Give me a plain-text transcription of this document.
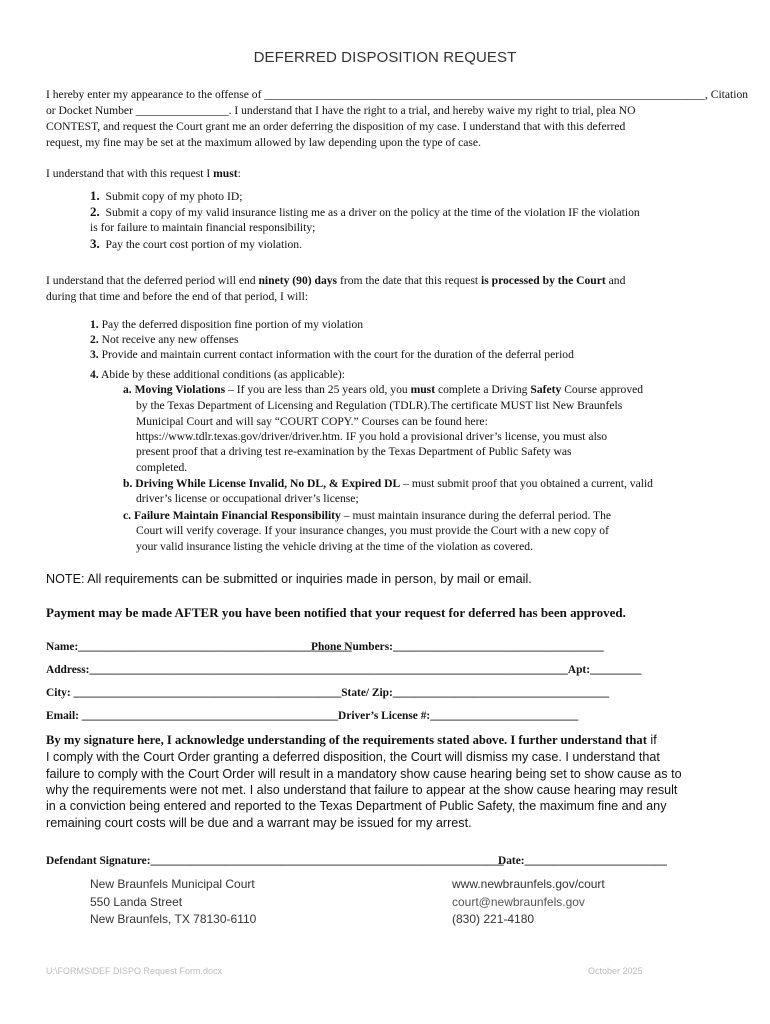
DEFERRED DISPOSITION REQUEST
I hereby enter my appearance to the offense of ____________________________________________________________________________, Citation
or Docket Number ________________. I understand that I have the right to a trial, and hereby waive my right to trial, plea NO
CONTEST, and request the Court grant me an order deferring the disposition of my case. I understand that with this deferred
request, my fine may be set at the maximum allowed by law depending upon the type of case.
I understand that with this request I must:
1. Submit copy of my photo ID;
2. Submit a copy of my valid insurance listing me as a driver on the policy at the time of the violation IF the violation
is for failure to maintain financial responsibility;
3. Pay the court cost portion of my violation.
I understand that the deferred period will end ninety (90) days from the date that this request is processed by the Court and
during that time and before the end of that period, I will:
1. Pay the deferred disposition fine portion of my violation
2. Not receive any new offenses
3. Provide and maintain current contact information with the court for the duration of the deferral period
4. Abide by these additional conditions (as applicable):
a. Moving Violations – If you are less than 25 years old, you must complete a Driving Safety Course approved
by the Texas Department of Licensing and Regulation (TDLR).The certificate MUST list New Braunfels
Municipal Court and will say “COURT COPY.” Courses can be found here:
https://www.tdlr.texas.gov/driver/driver.htm. IF you hold a provisional driver’s license, you must also
present proof that a driving test re-examination by the Texas Department of Public Safety was
completed.
b. Driving While License Invalid, No DL, & Expired DL – must submit proof that you obtained a current, valid
driver’s license or occupational driver’s license;
c. Failure Maintain Financial Responsibility – must maintain insurance during the deferral period. The
Court will verify coverage. If your insurance changes, you must provide the Court with a new copy of
your valid insurance listing the vehicle driving at the time of the violation as covered.
NOTE: All requirements can be submitted or inquiries made in person, by mail or email.
Payment may be made AFTER you have been notified that your request for deferred has been approved.
Name:________________________________________________
Phone Numbers:_____________________________________
Address:____________________________________________________________________________________Apt:_________
City: _______________________________________________State/ Zip:______________________________________
Email: _____________________________________________Driver’s License #:__________________________
By my signature here, I acknowledge understanding of the requirements stated above. I further understand that if
I comply with the Court Order granting a deferred disposition, the Court will dismiss my case. I understand that
failure to comply with the Court Order will result in a mandatory show cause hearing being set to show cause as to
why the requirements were not met. I also understand that failure to appear at the show cause hearing may result
in a conviction being entered and reported to the Texas Department of Public Safety, the maximum fine and any
remaining court costs will be due and a warrant may be issued for my arrest.
Defendant Signature:______________________________________________________________
Date:_________________________
New Braunfels Municipal Court
550 Landa Street
New Braunfels, TX 78130-6110
www.newbraunfels.gov/court
court@newbraunfels.gov
(830) 221-4180
U:\FORMS\DEF DISPO Request Form.docx	October 2025
